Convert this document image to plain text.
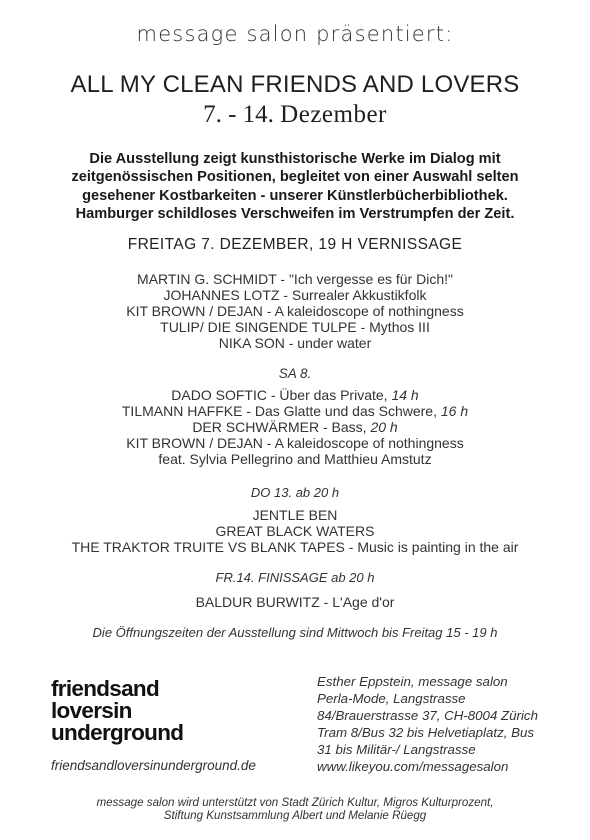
message salon präsentiert:
ALL MY CLEAN FRIENDS AND LOVERS
7. - 14. Dezember
Die Ausstellung zeigt kunsthistorische Werke im Dialog mit
zeitgenössischen Positionen, begleitet von einer Auswahl selten
gesehener Kostbarkeiten - unserer Künstlerbücherbibliothek.
Hamburger schildloses Verschweifen im Verstrumpfen der Zeit.
FREITAG 7. DEZEMBER, 19 H VERNISSAGE
MARTIN G. SCHMIDT - "Ich vergesse es für Dich!"
JOHANNES LOTZ - Surrealer Akkustikfolk
KIT BROWN / DEJAN - A kaleidoscope of nothingness
TULIP/ DIE SINGENDE TULPE - Mythos III
NIKA SON - under water
SA 8.
DADO SOFTIC - Über das Private, 14 h
TILMANN HAFFKE - Das Glatte und das Schwere, 16 h
DER SCHWÄRMER - Bass, 20 h
KIT BROWN / DEJAN - A kaleidoscope of nothingness
feat. Sylvia Pellegrino and Matthieu Amstutz
DO 13. ab 20 h
JENTLE BEN
GREAT BLACK WATERS
THE TRAKTOR TRUITE VS BLANK TAPES - Music is painting in the air
FR.14. FINISSAGE ab 20 h
BALDUR BURWITZ - L'Age d'or
Die Öffnungszeiten der Ausstellung sind Mittwoch bis Freitag 15 - 19 h
friendsand
loversin
underground
friendsandloversinunderground.de
Esther Eppstein, message salon
Perla-Mode, Langstrasse
84/Brauerstrasse 37, CH-8004 Zürich
Tram 8/Bus 32 bis Helvetiaplatz, Bus
31 bis Militär-/ Langstrasse
www.likeyou.com/messagesalon
message salon wird unterstützt von Stadt Zürich Kultur, Migros Kulturprozent,
Stiftung Kunstsammlung Albert und Melanie Rüegg
